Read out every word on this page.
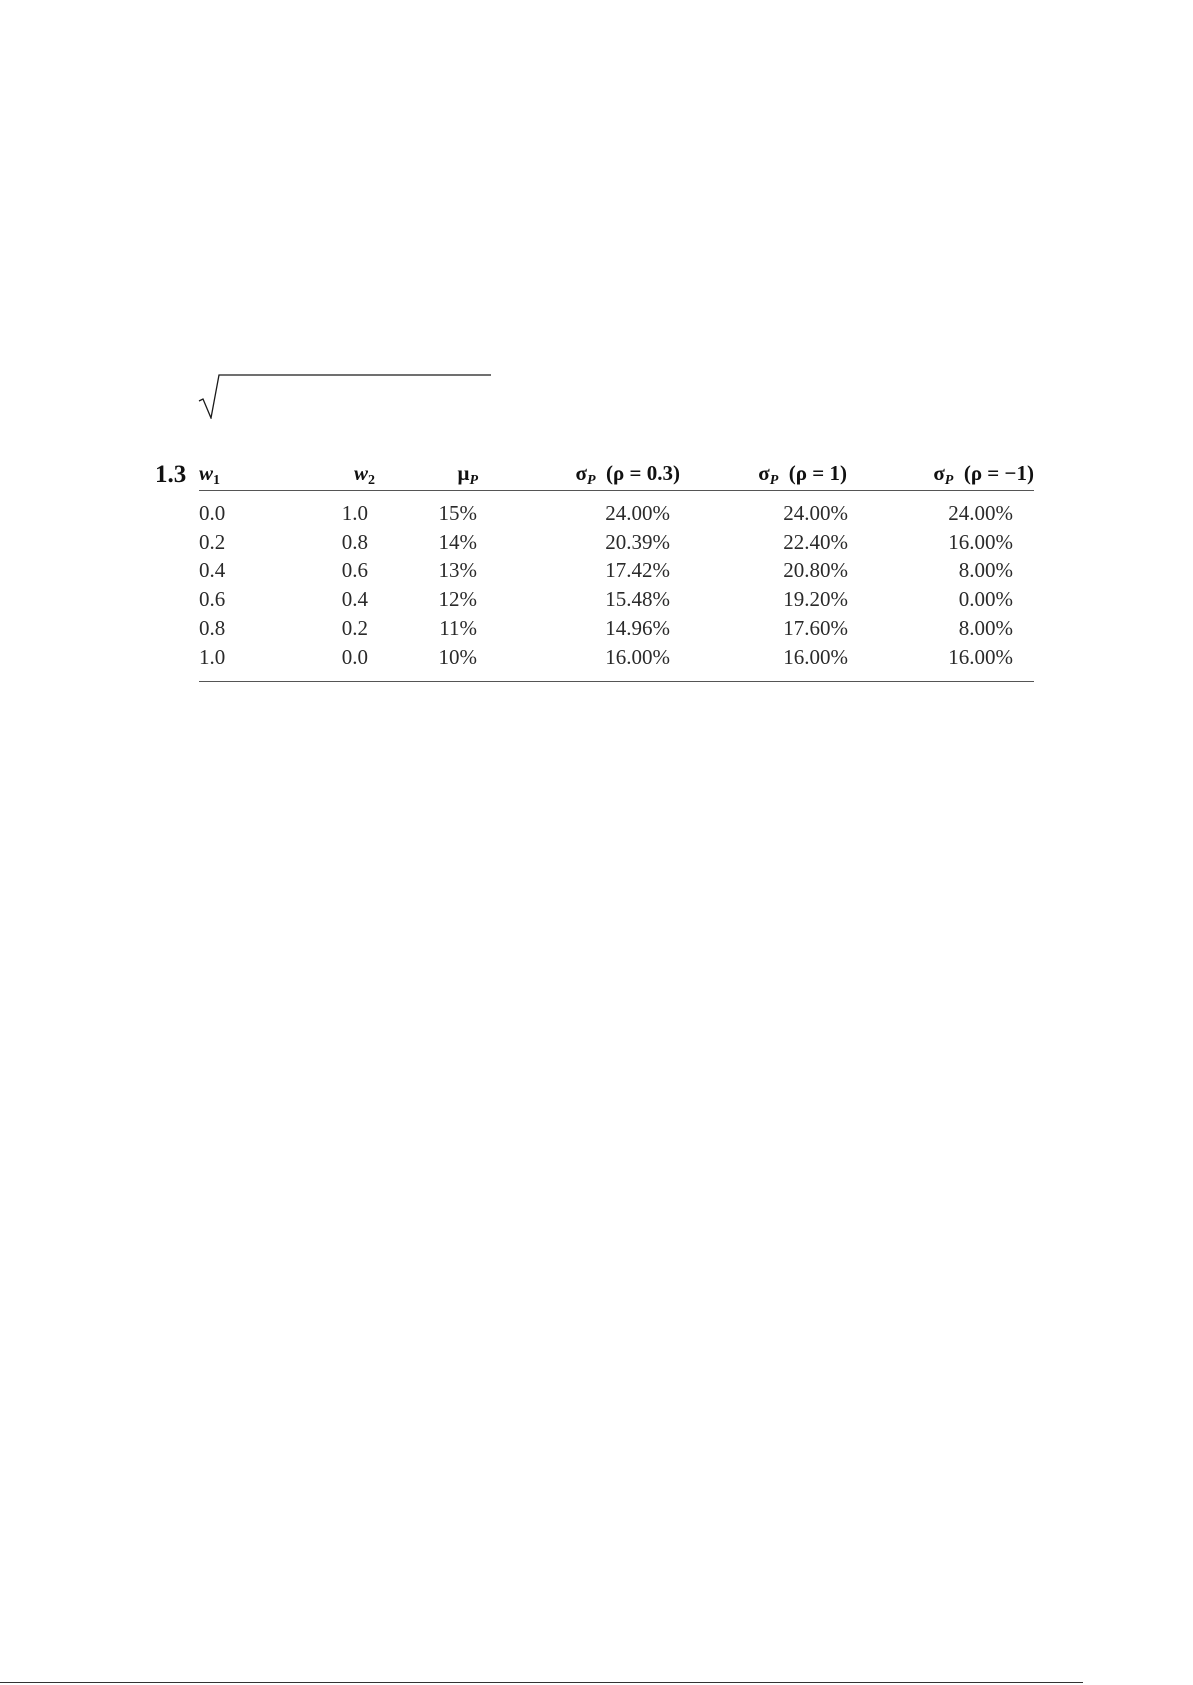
1.3 $w_1$	$w_2$	$\mu_P$	$\sigma_P$ (ρ = 0.3)	$\sigma_P$ (ρ = 1)	$\sigma_P$ (ρ = −1)
0.0	1.0	15%	24.00%	24.00%	24.00%
0.2	0.8	14%	20.39%	22.40%	16.00%
0.4	0.6	13%	17.42%	20.80%	8.00%
0.6	0.4	12%	15.48%	19.20%	0.00%
0.8	0.2	11%	14.96%	17.60%	8.00%
1.0	0.0	10%	16.00%	16.00%	16.00%
